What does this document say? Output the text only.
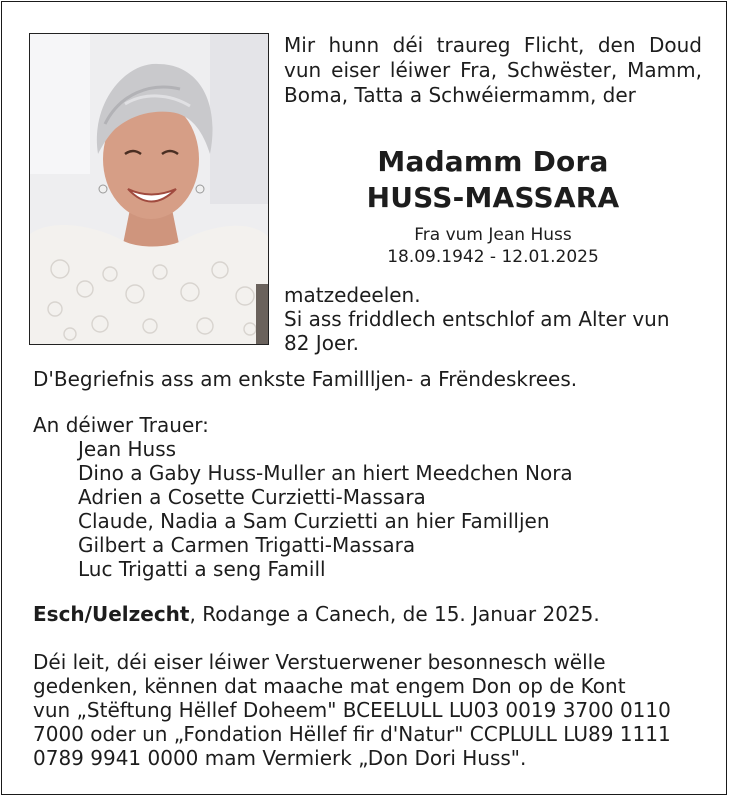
Mir hunn déi traureg Flicht, den Doud vun eiser léiwer Fra, Schwëster, Mamm, Boma, Tatta a Schwéiermamm, der
Madamm Dora
HUSS-MASSARA
Fra vum Jean Huss
18.09.1942 - 12.01.2025
matzedeelen.
Si ass friddlech entschlof am Alter vun
82 Joer.
D'Begriefnis ass am enkste Famillljen- a Frëndeskrees.
An déiwer Trauer:
Jean Huss
Dino a Gaby Huss-Muller an hiert Meedchen Nora
Adrien a Cosette Curzietti-Massara
Claude, Nadia a Sam Curzietti an hier Familljen
Gilbert a Carmen Trigatti-Massara
Luc Trigatti a seng Famill
Esch/Uelzecht, Rodange a Canech, de 15. Januar 2025.
Déi leit, déi eiser léiwer Verstuerwener besonnesch wëlle
gedenken, kënnen dat maache mat engem Don op de Kont
vun „Stëftung Hëllef Doheem" BCEELULL LU03 0019 3700 0110
7000 oder un „Fondation Hëllef fir d'Natur" CCPLULL LU89 1111
0789 9941 0000 mam Vermierk „Don Dori Huss".
